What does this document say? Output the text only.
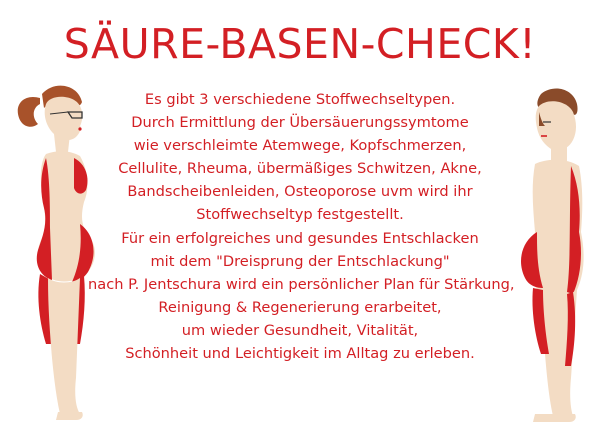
SÄURE-BASEN-CHECK!
Es gibt 3 verschiedene Stoffwechseltypen.
Durch Ermittlung der Übersäuerungssymtome
wie verschleimte Atemwege, Kopfschmerzen,
Cellulite, Rheuma, übermäßiges Schwitzen, Akne,
Bandscheibenleiden, Osteoporose uvm wird ihr
Stoffwechseltyp festgestellt.
Für ein erfolgreiches und gesundes Entschlacken
mit dem "Dreisprung der Entschlackung"
nach P. Jentschura wird ein persönlicher Plan für Stärkung,
Reinigung & Regenerierung erarbeitet,
um wieder Gesundheit, Vitalität,
Schönheit und Leichtigkeit im Alltag zu erleben.
